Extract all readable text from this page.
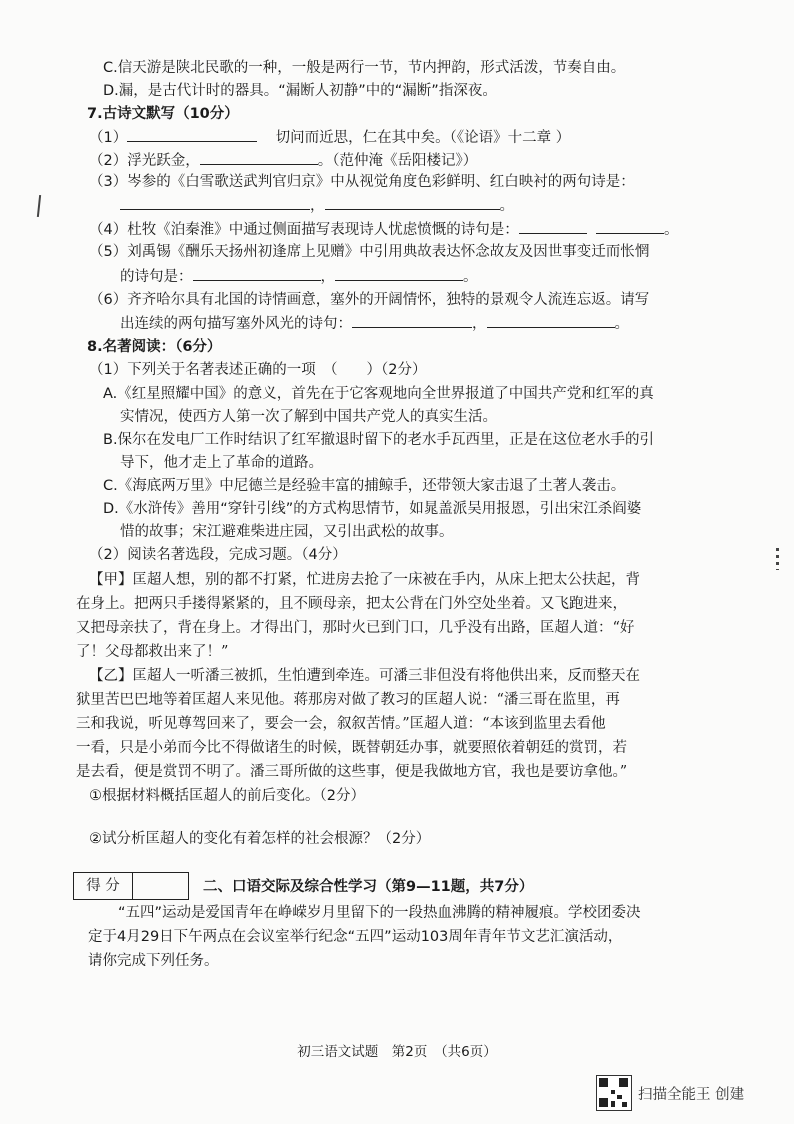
C.信天游是陕北民歌的一种，一般是两行一节，节内押韵，形式活泼，节奏自由。
D.漏，是古代计时的器具。“漏断人初静”中的“漏断”指深夜。
7.古诗文默写（10分）
（1）	切问而近思，仁在其中矣。（《论语》十二章 ）
（2）浮光跃金，	。（范仲淹《岳阳楼记》）
（3）岑参的《白雪歌送武判官归京》中从视觉角度色彩鲜明、红白映衬的两句诗是：
，	。
（4）杜牧《泊秦淮》中通过侧面描写表现诗人忧虑愤慨的诗句是：	。
（5）刘禹锡《酬乐天扬州初逢席上见赠》中引用典故表达怀念故友及因世事变迁而怅惘
的诗句是：	，	。
（6）齐齐哈尔具有北国的诗情画意，塞外的开阔情怀，独特的景观令人流连忘返。请写
出连续的两句描写塞外风光的诗句：	，	。
8.名著阅读：（6分）
（1）下列关于名著表述正确的一项　（　　）（2分）
A.《红星照耀中国》的意义，首先在于它客观地向全世界报道了中国共产党和红军的真
实情况，使西方人第一次了解到中国共产党人的真实生活。
B.保尔在发电厂工作时结识了红军撤退时留下的老水手瓦西里，正是在这位老水手的引
导下，他才走上了革命的道路。
C.《海底两万里》中尼德兰是经验丰富的捕鲸手，还带领大家击退了土著人袭击。
D.《水浒传》善用“穿针引线”的方式构思情节，如晁盖派吴用报恩，引出宋江杀阎婆
惜的故事；宋江避难柴进庄园，又引出武松的故事。
（2）阅读名著选段，完成习题。（4分）
【甲】匡超人想，别的都不打紧，忙进房去抢了一床被在手内，从床上把太公扶起，背
在身上。把两只手搂得紧紧的，且不顾母亲，把太公背在门外空处坐着。又飞跑进来，
又把母亲扶了，背在身上。才得出门，那时火已到门口，几乎没有出路，匡超人道：“好
了！父母都救出来了！”
【乙】匡超人一听潘三被抓，生怕遭到牵连。可潘三非但没有将他供出来，反而整天在
狱里苦巴巴地等着匡超人来见他。蒋那房对做了教习的匡超人说：“潘三哥在监里，再
三和我说，听见尊驾回来了，要会一会，叙叙苦情。”匡超人道：“本该到监里去看他
一看，只是小弟而今比不得做诸生的时候，既替朝廷办事，就要照依着朝廷的赏罚，若
是去看，便是赏罚不明了。潘三哥所做的这些事，便是我做地方官，我也是要访拿他。”
①根据材料概括匡超人的前后变化。（2分）
②试分析匡超人的变化有着怎样的社会根源？（2分）
得 分	二、口语交际及综合性学习（第9—11题，共7分）
“五四”运动是爱国青年在峥嵘岁月里留下的一段热血沸腾的精神履痕。学校团委决
定于4月29日下午两点在会议室举行纪念“五四”运动103周年青年节文艺汇演活动，
请你完成下列任务。
初三语文试题　第2页　（共6页）
扫描全能王 创建
